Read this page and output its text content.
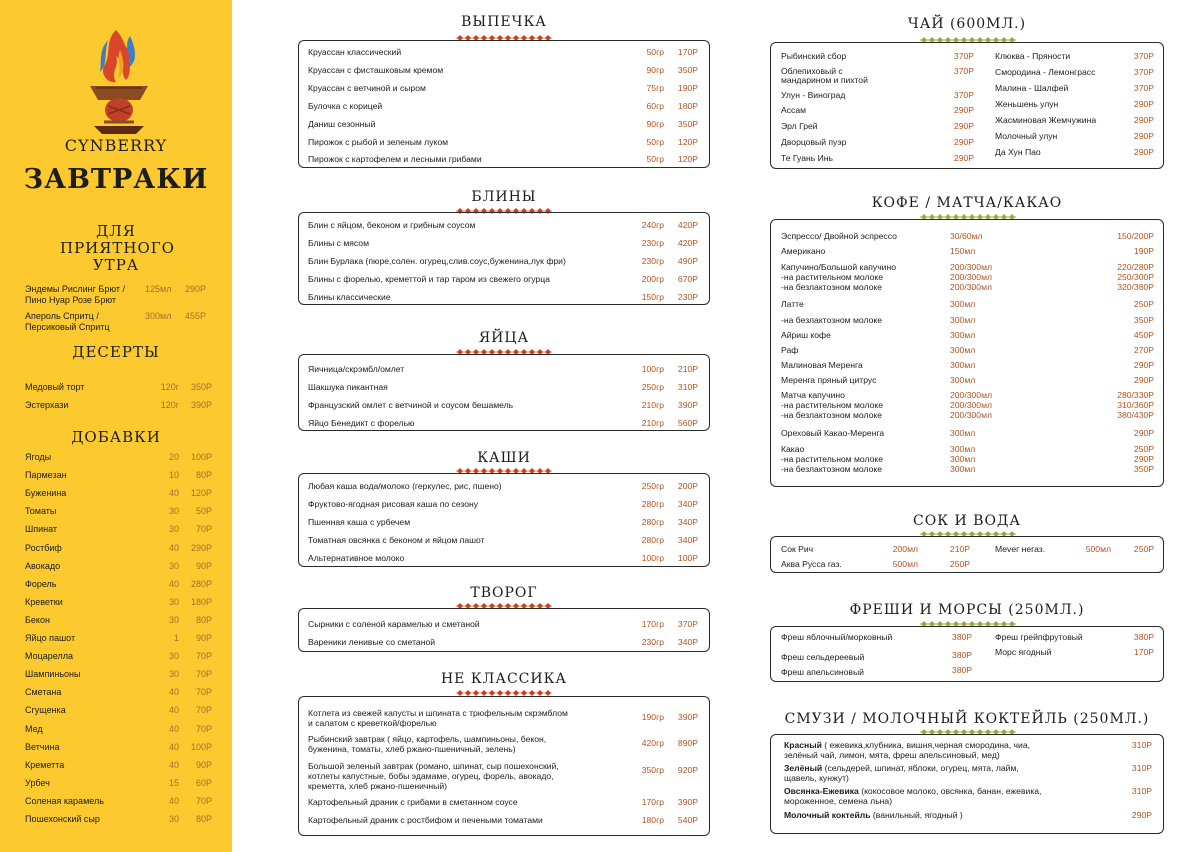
CYNBERRY
ЗАВТРАКИ
ДЛЯ ПРИЯТНОГО УТРА
Эндемы Рислинг Брют / Пино Нуар Розе Брют
125мл 290Р
Апероль Спритц / Персиковый Спритц
300мл 455Р
ДЕСЕРТЫ
Медовый торт	120г	350Р
Эстерхази	120г	390Р
ДОБАВКИ
Ягоды	20	100Р
Пармезан	10	80Р
Буженина	40	120Р
Томаты	30	50Р
Шпинат	30	70Р
Ростбиф	40	290Р
Авокадо	30	90Р
Форель	40	280Р
Креветки	30	180Р
Бекон	30	80Р
Яйцо пашот	1	90Р
Моцарелла	30	70Р
Шампиньоны	30	70Р
Сметана	40	70Р
Сгущенка	40	70Р
Мед	40	70Р
Ветчина	40	100Р
Креметта	40	90Р
Урбеч	15	60Р
Соленая карамель	40	70Р
Пошехонский сыр	30	80Р
ВЫПЕЧКА
Круассан классический	50гр	170Р
Круассан с фисташковым кремом	90гр	350Р
Круассан с ветчиной и сыром	75гр	190Р
Булочка с корицей	60гр	180Р
Даниш сезонный	90гр	350Р
Пирожок с рыбой и зеленым луком	50гр	120Р
Пирожок с картофелем и лесными грибами	50гр	120Р
БЛИНЫ
Блин с яйцом, беконом и грибным соусом	240гр	420Р
Блины с мясом	230гр	420Р
Блин Бурлака (пюре,солен. огурец,слив.соус,буженина,лук фри)	230гр	490Р
Блины с форелью, креметтой и тар таром из свежего огурца	200гр	670Р
Блины классические	150гр	230Р
ЯЙЦА
Яичница/скрэмбл/омлет	100гр	210Р
Шакшука пикантная	250гр	310Р
Французский омлет с ветчиной и соусом бешамель	210гр	390Р
Яйцо Бенедикт с форелью	210гр	560Р
КАШИ
Любая каша вода/молоко (геркулес, рис, пшено)	250гр	200Р
Фруктово-ягодная рисовая каша по сезону	280гр	340Р
Пшенная каша с урбечем	280гр	340Р
Томатная овсянка с беконом и яйцом пашот	280гр	340Р
Альтернативное молоко	100гр	100Р
ТВОРОГ
Сырники с соленой карамелью и сметаной	170гр	370Р
Вареники ленивые со сметаной	230гр	340Р
НЕ КЛАССИКА
Котлета из свежей капусты и шпината с трюфельным скрэмблом
и салатом с креветкой/форелью
190гр	390Р
Рыбинский завтрак ( яйцо, картофель, шампиньоны, бекон,
буженина, томаты, хлеб ржано-пшеничный, зелень)
420гр	890Р
Большой зеленый завтрак (романо, шпинат, сыр пошехонский,
котлеты капустные, бобы эдамаме, огурец, форель, авокадо,
креметта, хлеб ржано-пшеничный)
350гр	920Р
Картофельный драник с грибами в сметанном соусе	170гр	390Р
Картофельный драник с ростбифом и печеными томатами	180гр	540Р
ЧАЙ (600МЛ.)
Рыбинский сбор	370Р
Облепиховый с
мандарином и пихтой
370Р
Улун - Виноград	370Р
Ассам	290Р
Эрл Грей	290Р
Дворцовый пуэр	290Р
Те Гуань Инь	290Р
Клюква - Пряности	370Р
Смородина - Лемонграсс	370Р
Малина - Шалфей	370Р
Женьшень улун	290Р
Жасминовая Жемчужина	290Р
Молочный улун	290Р
Да Хун Пао	290Р
КОФЕ / МАТЧА/КАКАО
Эспрессо/ Двойной эспрессо	30/60мл	150/200Р
Американо	150мл	190Р
Капучино/Большой капучино	200/300мл	220/280Р
-на растительном молоке	200/300мл	250/300Р
-на безлактозном молоке	200/300мл	320/380Р
Латте	300мл	250Р
-на безлактозном молоке	300мл	350Р
Айриш кофе	300мл	450Р
Раф	300мл	270Р
Малиновая Меренга	300мл	290Р
Меренга пряный цитрус	300мл	290Р
Матча капучино	200/300мл	280/330Р
-на растительном молоке	200/300мл	310/360Р
-на безлактозном молоке	200/300мл	380/430Р
Ореховый Какао-Меренга	300мл	290Р
Какао	300мл	250Р
-на растительном молоке	300мл	290Р
-на безлактозном молоке	300мл	350Р
СОК И ВОДА
Сок Рич	200мл	210Р
Аква Русса газ.	500мл	250Р
Меvег негаз.	500мл	250Р
ФРЕШИ И МОРСЫ (250МЛ.)
Фреш яблочный/морковный	380Р
Фреш сельдереевый	380Р
Фреш апельсиновый	380Р
Фреш грейпфрутовый	380Р
Морс ягодный	170Р
СМУЗИ / МОЛОЧНЫЙ КОКТЕЙЛЬ (250МЛ.)
Красный ( ежевика,клубника, вишня,черная смородина, чиа,
зелёный чай, лимон, мята, фреш апельсиновый, мед)
310Р
Зелёный (сельдерей, шпинат, яблоки, огурец, мята, лайм,
щавель, кунжут)
310Р
Овсянка-Ежевика (кокосовое молоко, овсянка, банан, ежевика,
мороженное, семена льна)
310Р
Молочный коктейль (ванильный, ягодный )	290Р
